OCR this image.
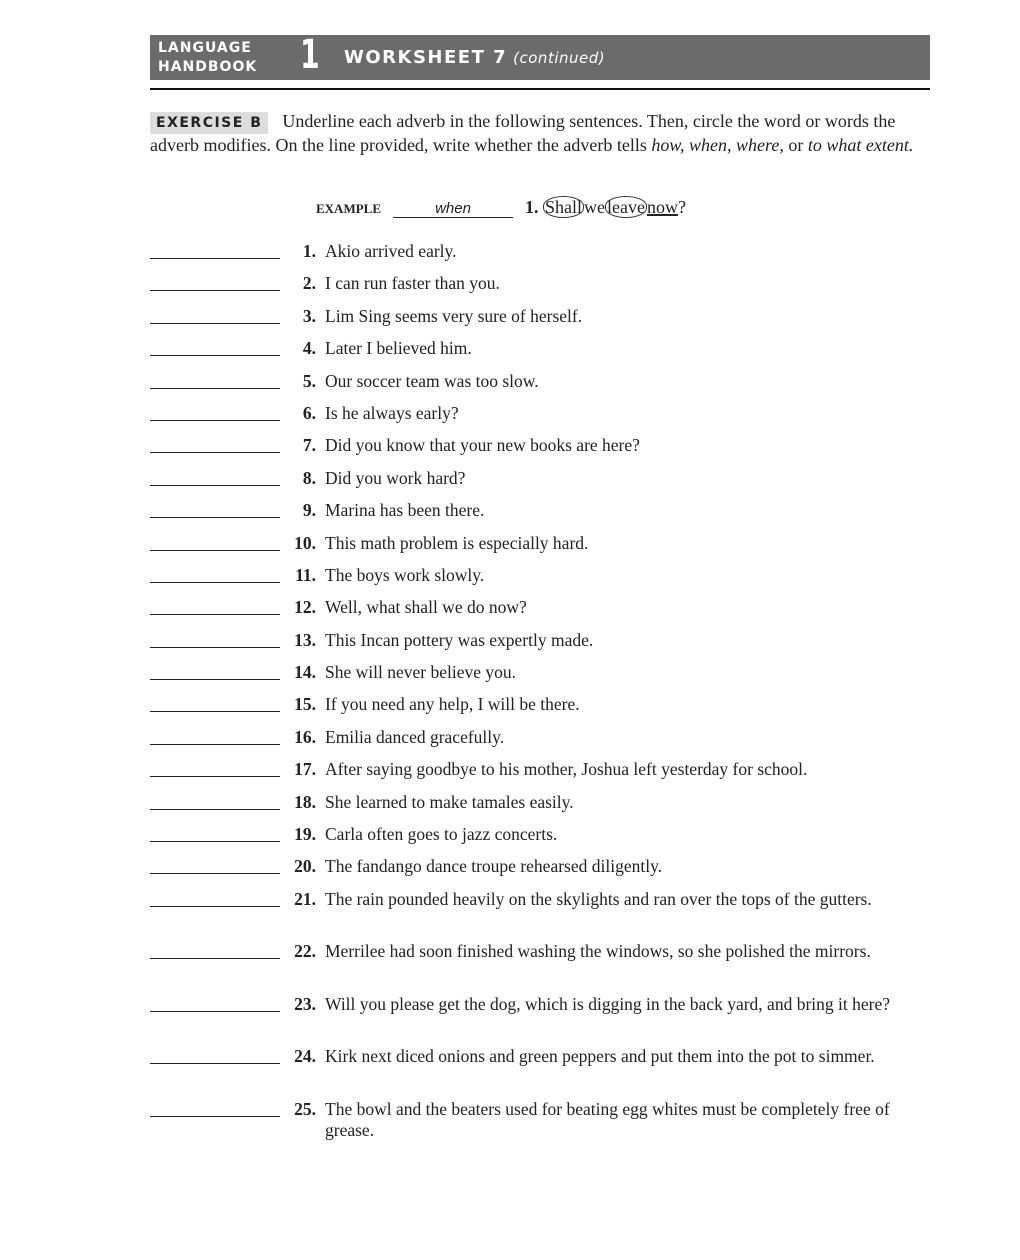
LANGUAGE
HANDBOOK 1 WORKSHEET 7 (continued)
EXERCISE B Underline each adverb in the following sentences. Then, circle the word or words the adverb modifies. On the line provided, write whether the adverb tells how, when, where, or to what extent.
EXAMPLE	when	1. Shall we leave now?
1. Akio arrived early.
2. I can run faster than you.
3. Lim Sing seems very sure of herself.
4. Later I believed him.
5. Our soccer team was too slow.
6. Is he always early?
7. Did you know that your new books are here?
8. Did you work hard?
9. Marina has been there.
10. This math problem is especially hard.
11. The boys work slowly.
12. Well, what shall we do now?
13. This Incan pottery was expertly made.
14. She will never believe you.
15. If you need any help, I will be there.
16. Emilia danced gracefully.
17. After saying goodbye to his mother, Joshua left yesterday for school.
18. She learned to make tamales easily.
19. Carla often goes to jazz concerts.
20. The fandango dance troupe rehearsed diligently.
21. The rain pounded heavily on the skylights and ran over the tops of the gutters.
22. Merrilee had soon finished washing the windows, so she polished the mirrors.
23. Will you please get the dog, which is digging in the back yard, and bring it here?
24. Kirk next diced onions and green peppers and put them into the pot to simmer.
25. The bowl and the beaters used for beating egg whites must be completely free of grease.
